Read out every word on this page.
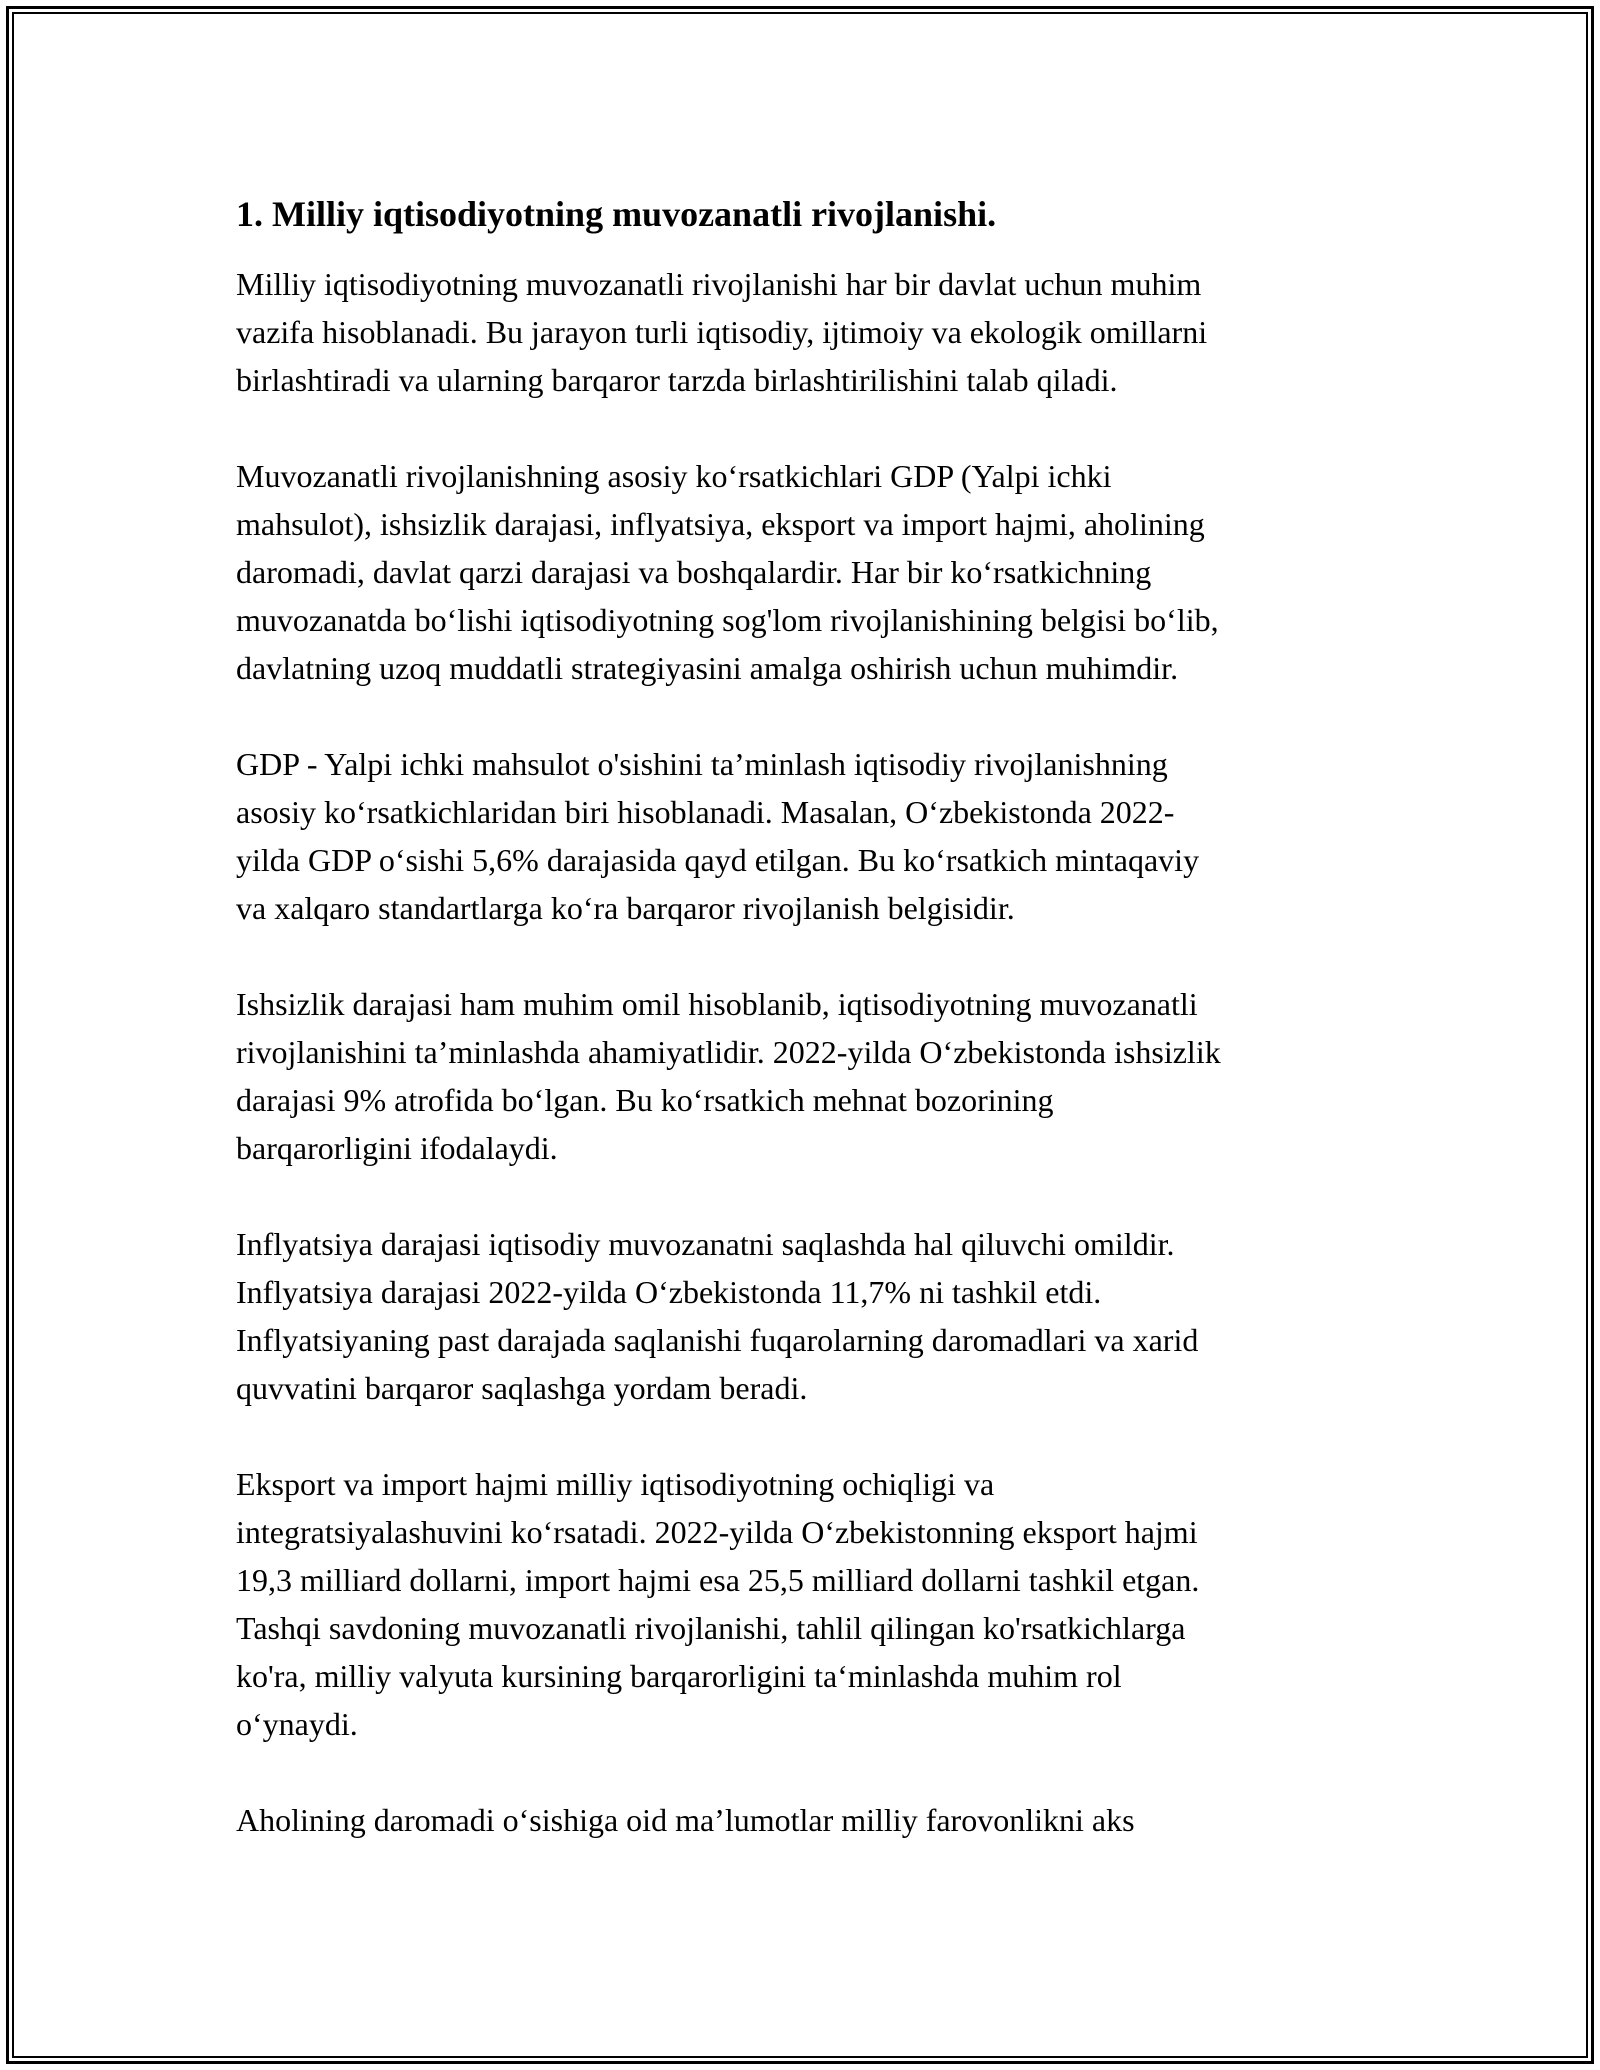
1. Milliy iqtisodiyotning muvozanatli rivojlanishi.

Milliy iqtisodiyotning muvozanatli rivojlanishi har bir davlat uchun muhim
vazifa hisoblanadi. Bu jarayon turli iqtisodiy, ijtimoiy va ekologik omillarni
birlashtiradi va ularning barqaror tarzda birlashtirilishini talab qiladi.

Muvozanatli rivojlanishning asosiy koʻrsatkichlari GDP (Yalpi ichki
mahsulot), ishsizlik darajasi, inflyatsiya, eksport va import hajmi, aholining
daromadi, davlat qarzi darajasi va boshqalardir. Har bir koʻrsatkichning
muvozanatda boʻlishi iqtisodiyotning sog'lom rivojlanishining belgisi boʻlib,
davlatning uzoq muddatli strategiyasini amalga oshirish uchun muhimdir.

GDP - Yalpi ichki mahsulot o'sishini taʼminlash iqtisodiy rivojlanishning
asosiy koʻrsatkichlaridan biri hisoblanadi. Masalan, Oʻzbekistonda 2022-
yilda GDP oʻsishi 5,6% darajasida qayd etilgan. Bu koʻrsatkich mintaqaviy
va xalqaro standartlarga koʻra barqaror rivojlanish belgisidir.

Ishsizlik darajasi ham muhim omil hisoblanib, iqtisodiyotning muvozanatli
rivojlanishini taʼminlashda ahamiyatlidir. 2022-yilda Oʻzbekistonda ishsizlik
darajasi 9% atrofida boʻlgan. Bu koʻrsatkich mehnat bozorining
barqarorligini ifodalaydi.

Inflyatsiya darajasi iqtisodiy muvozanatni saqlashda hal qiluvchi omildir.
Inflyatsiya darajasi 2022-yilda Oʻzbekistonda 11,7% ni tashkil etdi.
Inflyatsiyaning past darajada saqlanishi fuqarolarning daromadlari va xarid
quvvatini barqaror saqlashga yordam beradi.

Eksport va import hajmi milliy iqtisodiyotning ochiqligi va
integratsiyalashuvini koʻrsatadi. 2022-yilda Oʻzbekistonning eksport hajmi
19,3 milliard dollarni, import hajmi esa 25,5 milliard dollarni tashkil etgan.
Tashqi savdoning muvozanatli rivojlanishi, tahlil qilingan ko'rsatkichlarga
ko'ra, milliy valyuta kursining barqarorligini taʻminlashda muhim rol
oʻynaydi.

Aholining daromadi oʻsishiga oid maʼlumotlar milliy farovonlikni aks
